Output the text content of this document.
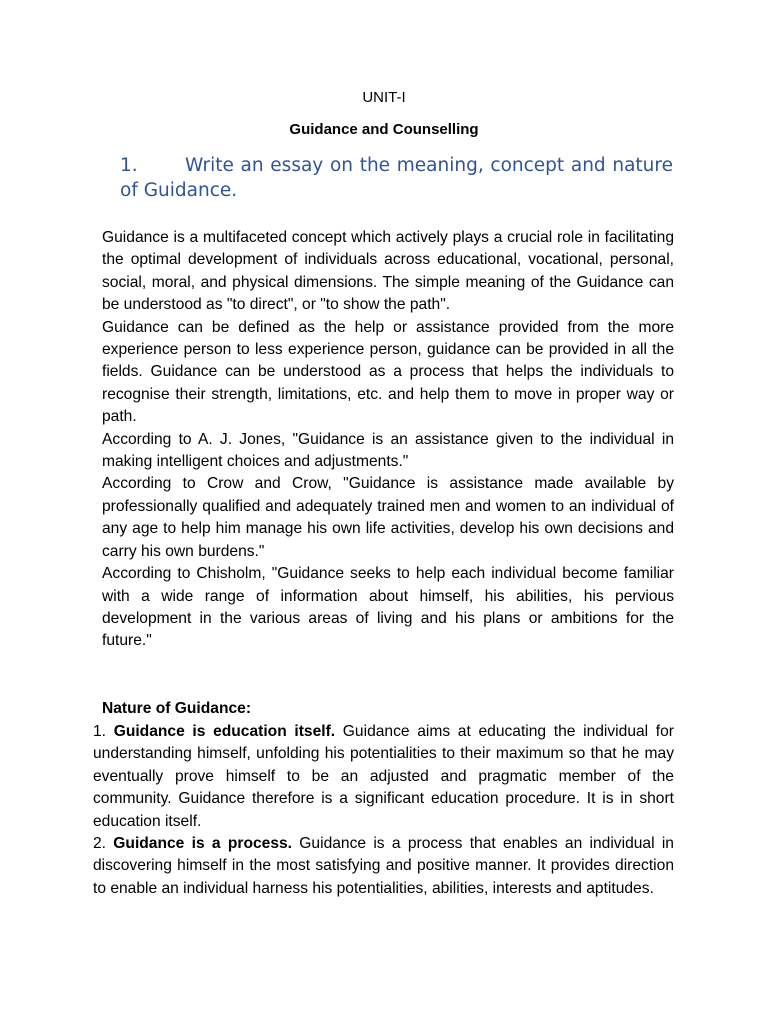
UNIT-I
Guidance and Counselling
1.	Write an essay on the meaning, concept and nature of Guidance.

Guidance is a multifaceted concept which actively plays a crucial role in facilitating the optimal development of individuals across educational, vocational, personal, social, moral, and physical dimensions. The simple meaning of the Guidance can be understood as "to direct", or "to show the path".

Guidance can be defined as the help or assistance provided from the more experience person to less experience person, guidance can be provided in all the fields. Guidance can be understood as a process that helps the individuals to recognise their strength, limitations, etc. and help them to move in proper way or path.

According to A. J. Jones, "Guidance is an assistance given to the individual in making intelligent choices and adjustments."

According to Crow and Crow, "Guidance is assistance made available by professionally qualified and adequately trained men and women to an individual of any age to help him manage his own life activities, develop his own decisions and carry his own burdens."

According to Chisholm, "Guidance seeks to help each individual become familiar with a wide range of information about himself, his abilities, his pervious development in the various areas of living and his plans or ambitions for the future."

Nature of Guidance:

1. Guidance is education itself. Guidance aims at educating the individual for understanding himself, unfolding his potentialities to their maximum so that he may eventually prove himself to be an adjusted and pragmatic member of the community. Guidance therefore is a significant education procedure. It is in short education itself.

2. Guidance is a process. Guidance is a process that enables an individual in discovering himself in the most satisfying and positive manner. It provides direction to enable an individual harness his potentialities, abilities, interests and aptitudes.
